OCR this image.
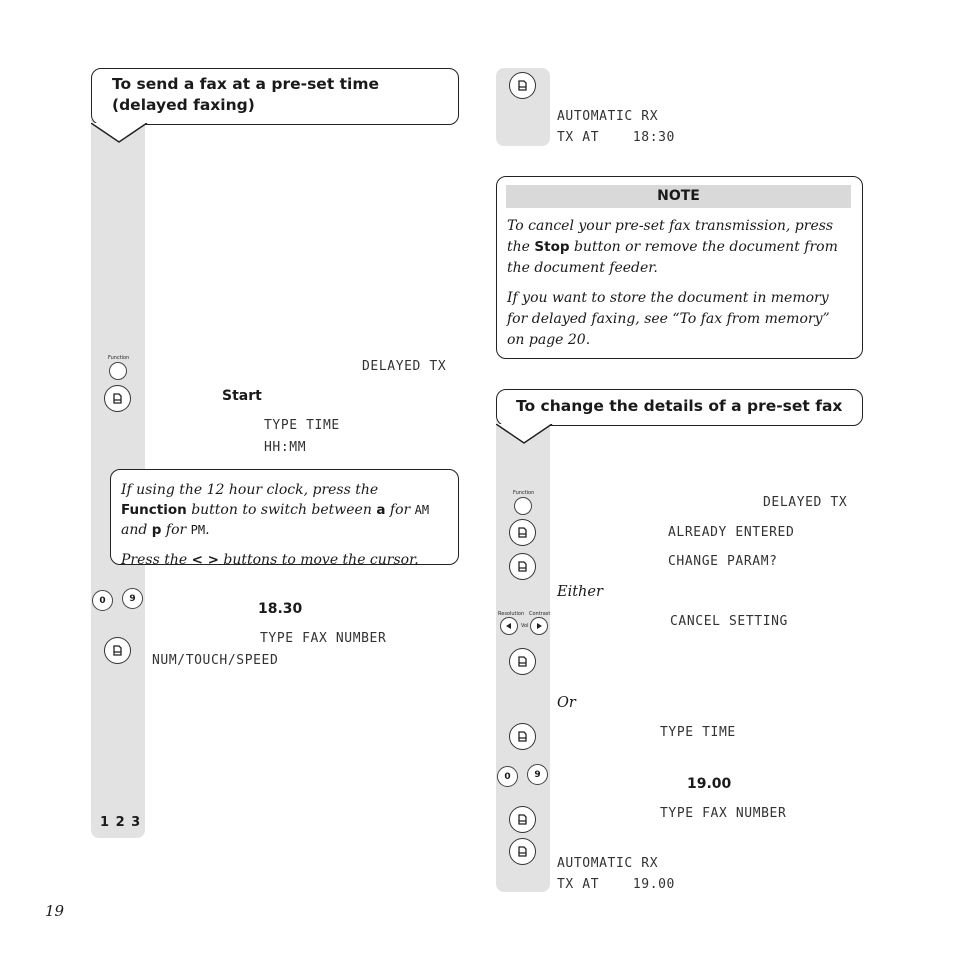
To send a fax at a pre-set time (delayed faxing)
Function
DELAYED TX
Start
TYPE TIME
HH:MM
If using the 12 hour clock, press the Function button to switch between a for AM and p for PM.
Press the < > buttons to move the cursor.
0	9
18.30
TYPE FAX NUMBER
NUM/TOUCH/SPEED
1 2 3
AUTOMATIC RX
TX AT    18:30
NOTE
To cancel your pre-set fax transmission, press the Stop button or remove the document from the document feeder.
If you want to store the document in memory for delayed faxing, see “To fax from memory” on page 20.
To change the details of a pre-set fax
Function
DELAYED TX
ALREADY ENTERED
CHANGE PARAM?
Either
Resolution Contrast
Vol	CANCEL SETTING
Or
TYPE TIME
0	9
19.00
TYPE FAX NUMBER
AUTOMATIC RX
TX AT    19.00
19
